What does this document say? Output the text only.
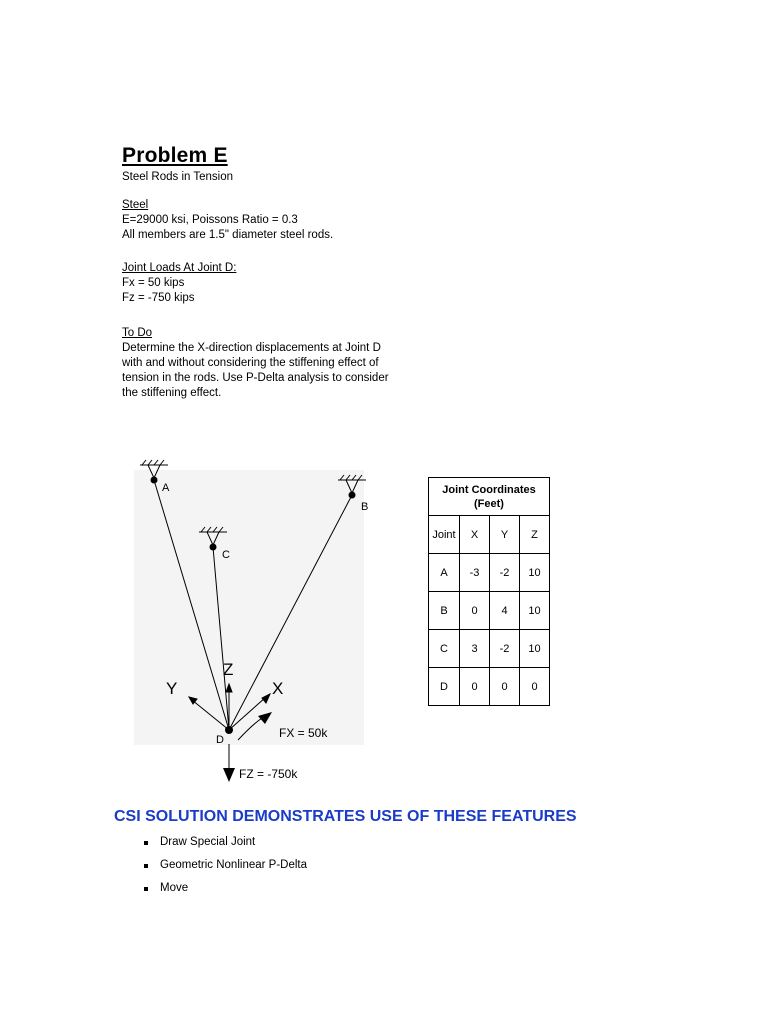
Problem E
Steel Rods in Tension
Steel
E=29000 ksi, Poissons Ratio = 0.3
All members are 1.5" diameter steel rods.
Joint Loads At Joint D:
Fx = 50 kips
Fz = -750 kips
To Do
Determine the X-direction displacements at Joint D
with and without considering the stiffening effect of
tension in the rods. Use P-Delta analysis to consider
the stiffening effect.
A
B
C
D
Z
Y	X
FX = 50k
FZ = -750k
Joint Coordinates
(Feet)			

Joint	X	Y	Z
A	-3	-2	10
B	0	4	10
C	3	-2	10
D	0	0	0
CSI SOLUTION DEMONSTRATES USE OF THESE FEATURES
Draw Special Joint
Geometric Nonlinear P-Delta
Move
